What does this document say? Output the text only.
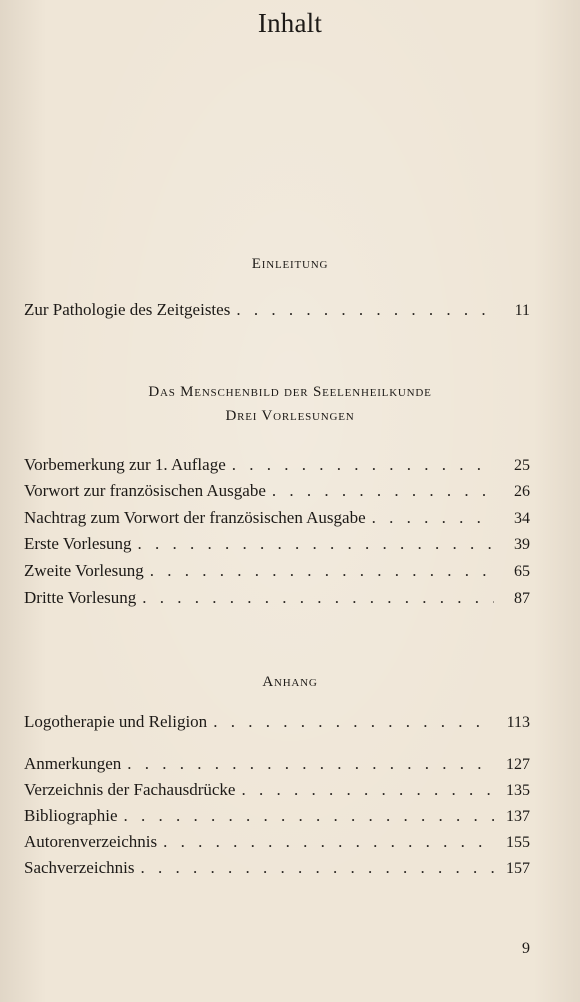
Inhalt
Einleitung
Zur Pathologie des Zeitgeistes . . .	11
Das Menschenbild der Seelenheilkunde
Drei Vorlesungen
Vorbemerkung zur 1. Auflage . . .	25
Vorwort zur französischen Ausgabe . . .	26
Nachtrag zum Vorwort der französischen Ausgabe . . .	34
Erste Vorlesung . . .	39
Zweite Vorlesung . . .	65
Dritte Vorlesung . . .	87
Anhang
Logotherapie und Religion . . .	113
Anmerkungen . . .	127
Verzeichnis der Fachausdrücke . . .	135
Bibliographie . . .	137
Autorenverzeichnis . . .	155
Sachverzeichnis . . .	157
9
